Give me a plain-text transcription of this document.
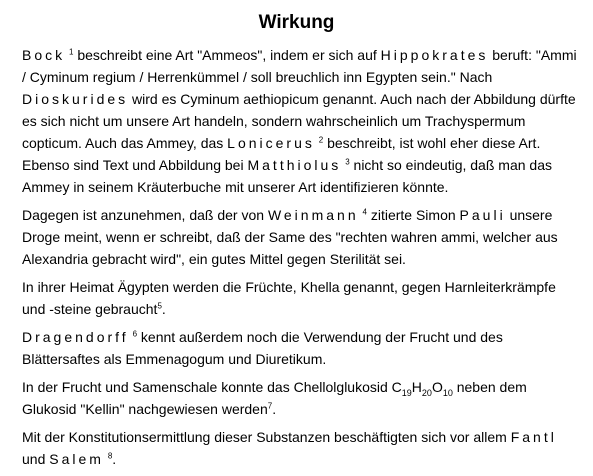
Wirkung

Bock $^1$ beschreibt eine Art "Ammeos", indem er sich auf Hippokrates beruft: "Ammi / Cyminum regium / Herrenkümmel / soll breuchlich inn Egypten sein." Nach Dioskurides wird es Cyminum aethiopicum genannt. Auch nach der Abbildung dürfte es sich nicht um unsere Art handeln, sondern wahrscheinlich um Trachyspermum copticum. Auch das Ammey, das Lonicerus $^2$ beschreibt, ist wohl eher diese Art. Ebenso sind Text und Abbildung bei Matthiolus $^3$ nicht so eindeutig, daß man das Ammey in seinem Kräuterbuche mit unserer Art identifizieren könnte.

Dagegen ist anzunehmen, daß der von Weinmann $^4$ zitierte Simon Pauli unsere Droge meint, wenn er schreibt, daß der Same des "rechten wahren ammi, welcher aus Alexandria gebracht wird", ein gutes Mittel gegen Sterilität sei.

In ihrer Heimat Ägypten werden die Früchte, Khella genannt, gegen Harnleiterkrämpfe und -steine gebraucht$^5$.

Dragendorff $^6$ kennt außerdem noch die Verwendung der Frucht und des Blättersaftes als Emmenagogum und Diuretikum.

In der Frucht und Samenschale konnte das Chellolglukosid $C_{19}H_{20}O_{10}$ neben dem Glukosid "Kellin" nachgewiesen werden$^7$.

Mit der Konstitutionsermittlung dieser Substanzen beschäftigten sich vor allem Fantl und Salem $^8$.
